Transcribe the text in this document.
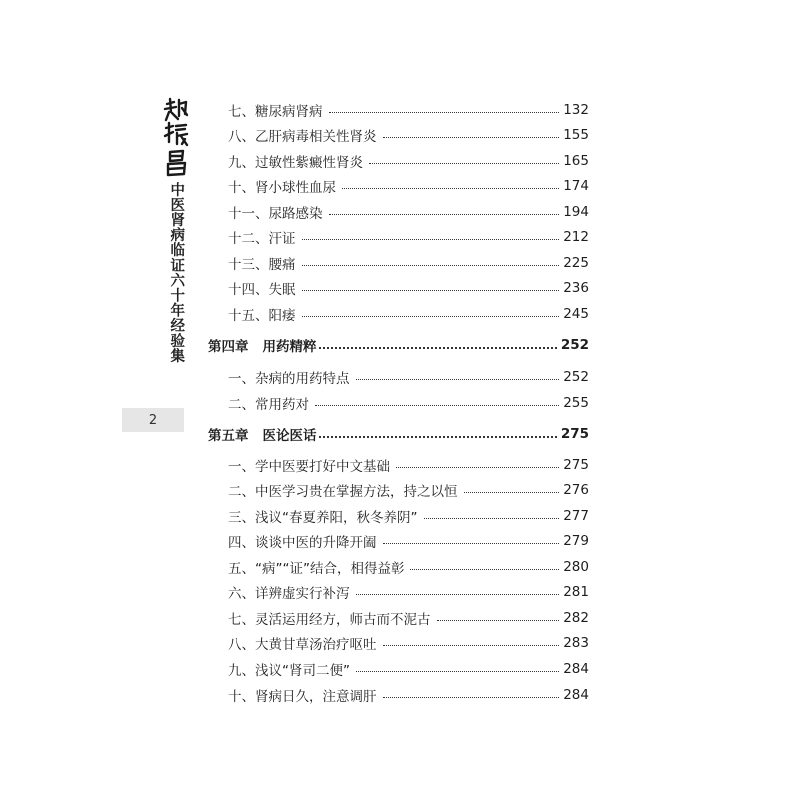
中医肾病临证六十年经验集
2
七、糖尿病肾病	132
八、乙肝病毒相关性肾炎	155
九、过敏性紫癜性肾炎	165
十、肾小球性血尿	174
十一、尿路感染	194
十二、汗证	212
十三、腰痛	225
十四、失眠	236
十五、阳痿	245
第四章 用药精粹	252
一、杂病的用药特点	252
二、常用药对	255
第五章 医论医话	275
一、学中医要打好中文基础	275
二、中医学习贵在掌握方法，持之以恒	276
三、浅议“春夏养阳，秋冬养阴”	277
四、谈谈中医的升降开阖	279
五、“病”“证”结合，相得益彰	280
六、详辨虚实行补泻	281
七、灵活运用经方，师古而不泥古	282
八、大黄甘草汤治疗呕吐	283
九、浅议“肾司二便”	284
十、肾病日久，注意调肝	284
